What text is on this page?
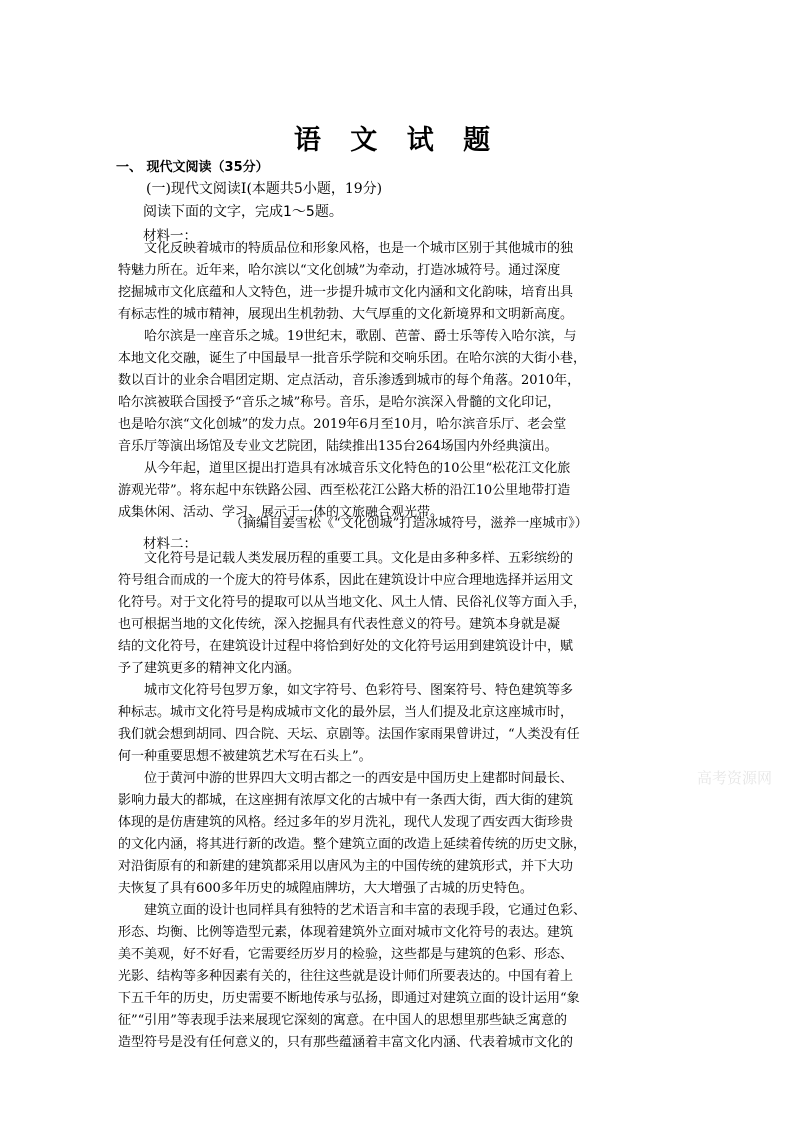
语 文 试 题
一、 现代文阅读（35分）
(一)现代文阅读Ⅰ(本题共5小题，19分)
阅读下面的文字，完成1～5题。
材料一：
文化反映着城市的特质品位和形象风格，也是一个城市区别于其他城市的独
特魅力所在。近年来，哈尔滨以“文化创城”为牵动，打造冰城符号。通过深度
挖掘城市文化底蕴和人文特色，进一步提升城市文化内涵和文化韵味，培育出具
有标志性的城市精神，展现出生机勃勃、大气厚重的文化新境界和文明新高度。
哈尔滨是一座音乐之城。19世纪末，歌剧、芭蕾、爵士乐等传入哈尔滨，与
本地文化交融，诞生了中国最早一批音乐学院和交响乐团。在哈尔滨的大街小巷，
数以百计的业余合唱团定期、定点活动，音乐渗透到城市的每个角落。2010年，
哈尔滨被联合国授予“音乐之城”称号。音乐，是哈尔滨深入骨髓的文化印记，
也是哈尔滨“文化创城”的发力点。2019年6月至10月，哈尔滨音乐厅、老会堂
音乐厅等演出场馆及专业文艺院团，陆续推出135台264场国内外经典演出。
从今年起，道里区提出打造具有冰城音乐文化特色的10公里“松花江文化旅
游观光带”。将东起中东铁路公园、西至松花江公路大桥的沿江10公里地带打造
成集休闲、活动、学习、展示于一体的文旅融合观光带。
（摘编自姜雪松《“文化创城”打造冰城符号，滋养一座城市》）
材料二：
文化符号是记载人类发展历程的重要工具。文化是由多种多样、五彩缤纷的
符号组合而成的一个庞大的符号体系，因此在建筑设计中应合理地选择并运用文
化符号。对于文化符号的提取可以从当地文化、风土人情、民俗礼仪等方面入手，
也可根据当地的文化传统，深入挖掘具有代表性意义的符号。建筑本身就是凝
结的文化符号，在建筑设计过程中将恰到好处的文化符号运用到建筑设计中，赋
予了建筑更多的精神文化内涵。
城市文化符号包罗万象，如文字符号、色彩符号、图案符号、特色建筑等多
种标志。城市文化符号是构成城市文化的最外层，当人们提及北京这座城市时，
我们就会想到胡同、四合院、天坛、京剧等。法国作家雨果曾讲过，“人类没有任
何一种重要思想不被建筑艺术写在石头上”。
位于黄河中游的世界四大文明古都之一的西安是中国历史上建都时间最长、
影响力最大的都城，在这座拥有浓厚文化的古城中有一条西大街，西大街的建筑
体现的是仿唐建筑的风格。经过多年的岁月洗礼，现代人发现了西安西大街珍贵
的文化内涵，将其进行新的改造。整个建筑立面的改造上延续着传统的历史文脉，
对沿街原有的和新建的建筑都采用以唐风为主的中国传统的建筑形式，并下大功
夫恢复了具有600多年历史的城隍庙牌坊，大大增强了古城的历史特色。
建筑立面的设计也同样具有独特的艺术语言和丰富的表现手段，它通过色彩、
形态、均衡、比例等造型元素，体现着建筑外立面对城市文化符号的表达。建筑
美不美观，好不好看，它需要经历岁月的检验，这些都是与建筑的色彩、形态、
光影、结构等多种因素有关的，往往这些就是设计师们所要表达的。中国有着上
下五千年的历史，历史需要不断地传承与弘扬，即通过对建筑立面的设计运用“象
征”“引用”等表现手法来展现它深刻的寓意。在中国人的思想里那些缺乏寓意的
造型符号是没有任何意义的，只有那些蕴涵着丰富文化内涵、代表着城市文化的
高考资源网
